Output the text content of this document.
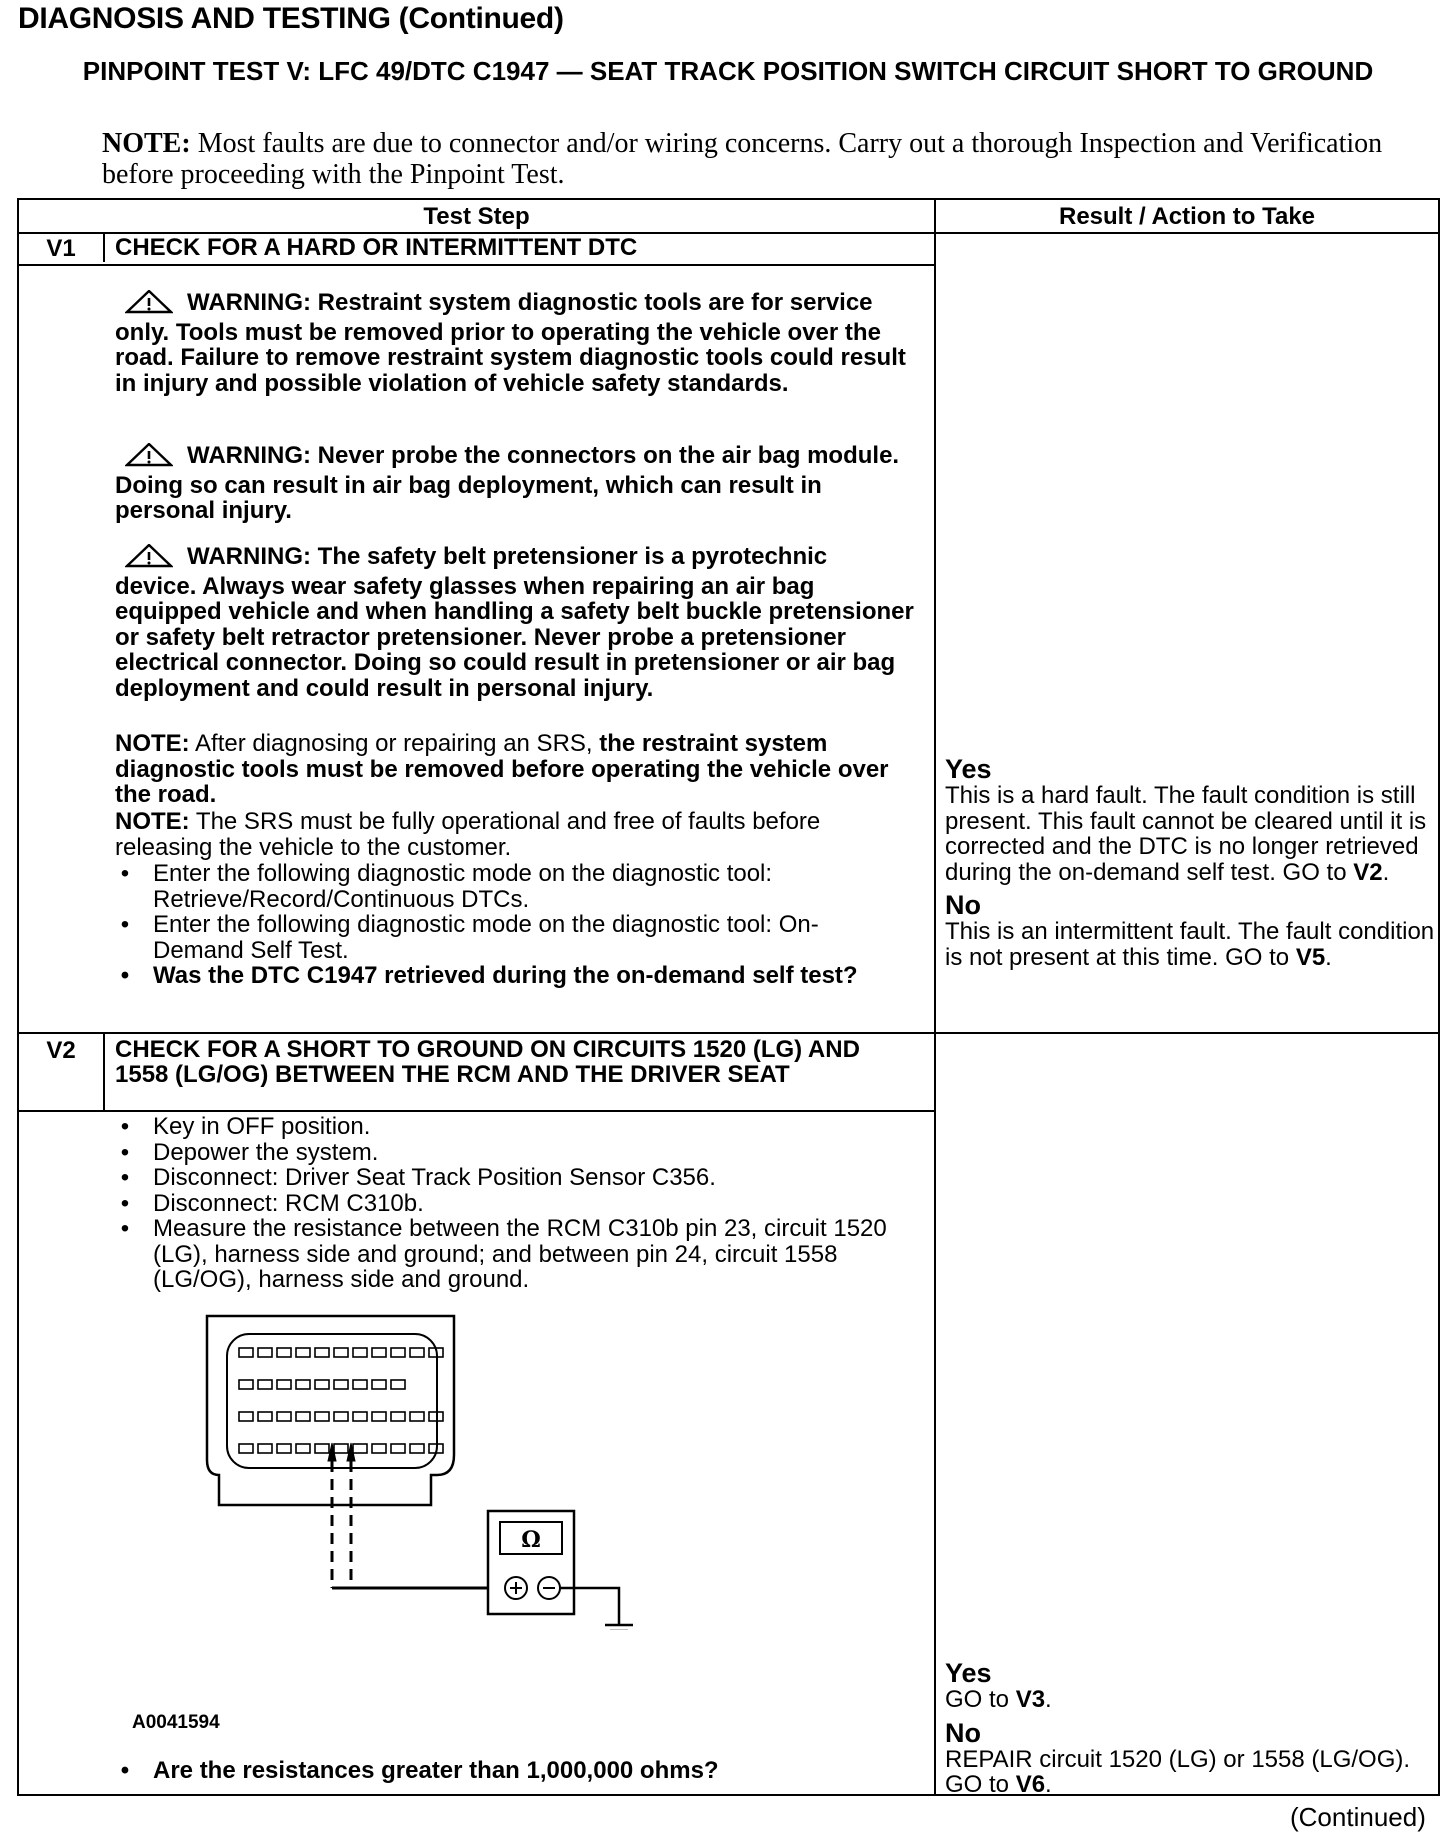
DIAGNOSIS AND TESTING (Continued)
PINPOINT TEST V: LFC 49/DTC C1947 — SEAT TRACK POSITION SWITCH CIRCUIT SHORT TO GROUND
NOTE: Most faults are due to connector and/or wiring concerns. Carry out a thorough Inspection and Verification before proceeding with the Pinpoint Test.
Test Step	Result / Action to Take
V1	CHECK FOR A HARD OR INTERMITTENT DTC
WARNING: Restraint system diagnostic tools are for service only. Tools must be removed prior to operating the vehicle over the road. Failure to remove restraint system diagnostic tools could result in injury and possible violation of vehicle safety standards.
WARNING: Never probe the connectors on the air bag module. Doing so can result in air bag deployment, which can result in personal injury.
WARNING: The safety belt pretensioner is a pyrotechnic device. Always wear safety glasses when repairing an air bag equipped vehicle and when handling a safety belt buckle pretensioner or safety belt retractor pretensioner. Never probe a pretensioner electrical connector. Doing so could result in pretensioner or air bag deployment and could result in personal injury.
NOTE: After diagnosing or repairing an SRS, the restraint system diagnostic tools must be removed before operating the vehicle over the road.
NOTE: The SRS must be fully operational and free of faults before releasing the vehicle to the customer.
• Enter the following diagnostic mode on the diagnostic tool: Retrieve/Record/Continuous DTCs.
• Enter the following diagnostic mode on the diagnostic tool: On-Demand Self Test.
• Was the DTC C1947 retrieved during the on-demand self test?
Yes
This is a hard fault. The fault condition is still present. This fault cannot be cleared until it is corrected and the DTC is no longer retrieved during the on-demand self test. GO to V2.
No
This is an intermittent fault. The fault condition is not present at this time. GO to V5.
V2	CHECK FOR A SHORT TO GROUND ON CIRCUITS 1520 (LG) AND 1558 (LG/OG) BETWEEN THE RCM AND THE DRIVER SEAT
• Key in OFF position.
• Depower the system.
• Disconnect: Driver Seat Track Position Sensor C356.
• Disconnect: RCM C310b.
• Measure the resistance between the RCM C310b pin 23, circuit 1520 (LG), harness side and ground; and between pin 24, circuit 1558 (LG/OG), harness side and ground.
Ω
A0041594
• Are the resistances greater than 1,000,000 ohms?
Yes
GO to V3.
No
REPAIR circuit 1520 (LG) or 1558 (LG/OG). GO to V6.
(Continued)
